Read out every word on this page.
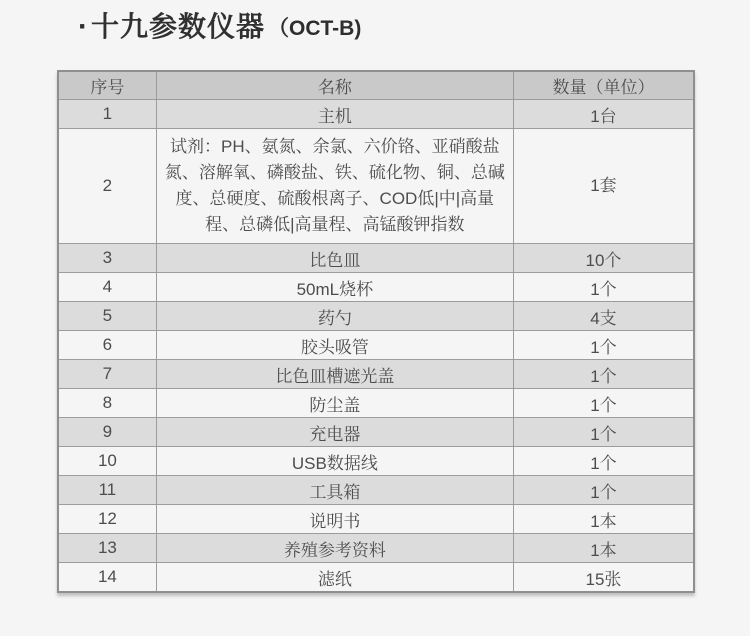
· 十九参数仪器 （OCT-B)
序号	名称	数量（单位）
1	主机	1台
2	试剂：PH、氨氮、余氯、六价铬、亚硝酸盐氮、溶解氧、磷酸盐、铁、硫化物、铜、总碱度、总硬度、硫酸根离子、COD低|中|高量程、总磷低|高量程、高锰酸钾指数	1套
3	比色皿	10个
4	50mL烧杯	1个
5	药勺	4支
6	胶头吸管	1个
7	比色皿槽遮光盖	1个
8	防尘盖	1个
9	充电器	1个
10	USB数据线	1个
11	工具箱	1个
12	说明书	1本
13	养殖参考资料	1本
14	滤纸	15张
